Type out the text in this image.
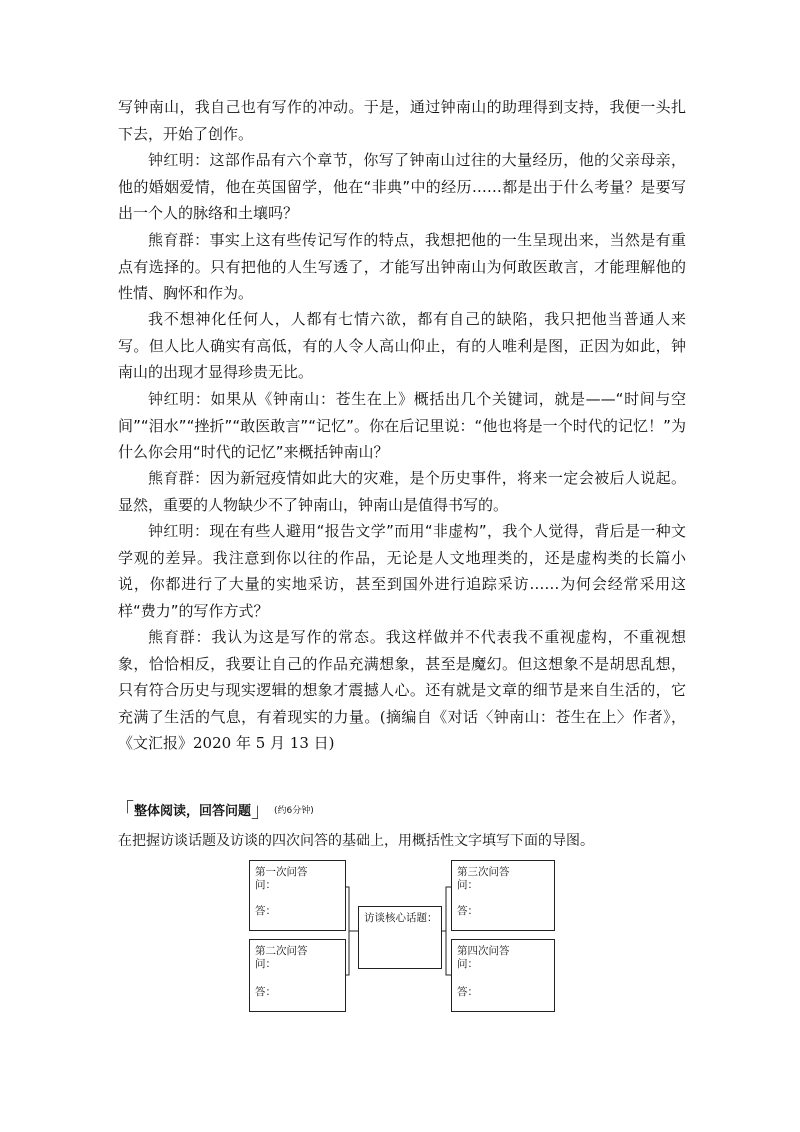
写钟南山，我自己也有写作的冲动。于是，通过钟南山的助理得到支持，我便一头扎下去，开始了创作。

钟红明：这部作品有六个章节，你写了钟南山过往的大量经历，他的父亲母亲，他的婚姻爱情，他在英国留学，他在“非典”中的经历……都是出于什么考量？是要写出一个人的脉络和土壤吗？

熊育群：事实上这有些传记写作的特点，我想把他的一生呈现出来，当然是有重点有选择的。只有把他的人生写透了，才能写出钟南山为何敢医敢言，才能理解他的性情、胸怀和作为。

我不想神化任何人，人都有七情六欲，都有自己的缺陷，我只把他当普通人来写。但人比人确实有高低，有的人令人高山仰止，有的人唯利是图，正因为如此，钟南山的出现才显得珍贵无比。

钟红明：如果从《钟南山：苍生在上》概括出几个关键词，就是——“时间与空间”“泪水”“挫折”“敢医敢言”“记忆”。你在后记里说：“他也将是一个时代的记忆！”为什么你会用“时代的记忆”来概括钟南山？

熊育群：因为新冠疫情如此大的灾难，是个历史事件，将来一定会被后人说起。显然，重要的人物缺少不了钟南山，钟南山是值得书写的。

钟红明：现在有些人避用“报告文学”而用“非虚构”，我个人觉得，背后是一种文学观的差异。我注意到你以往的作品，无论是人文地理类的，还是虚构类的长篇小说，你都进行了大量的实地采访，甚至到国外进行追踪采访……为何会经常采用这样“费力”的写作方式？

熊育群：我认为这是写作的常态。我这样做并不代表我不重视虚构，不重视想象，恰恰相反，我要让自己的作品充满想象，甚至是魔幻。但这想象不是胡思乱想，只有符合历史与现实逻辑的想象才震撼人心。还有就是文章的细节是来自生活的，它充满了生活的气息，有着现实的力量。(摘编自《对话〈钟南山：苍生在上〉作者》，《文汇报》2020 年 5 月 13 日)

「 整体阅读，回答问题 」 (约6分钟)
在把握访谈话题及访谈的四次问答的基础上，用概括性文字填写下面的导图。
第一次问答
问：
答：
第二次问答
问：
答：
访谈核心话题：
第三次问答
问：
答：
第四次问答
问：
答：
